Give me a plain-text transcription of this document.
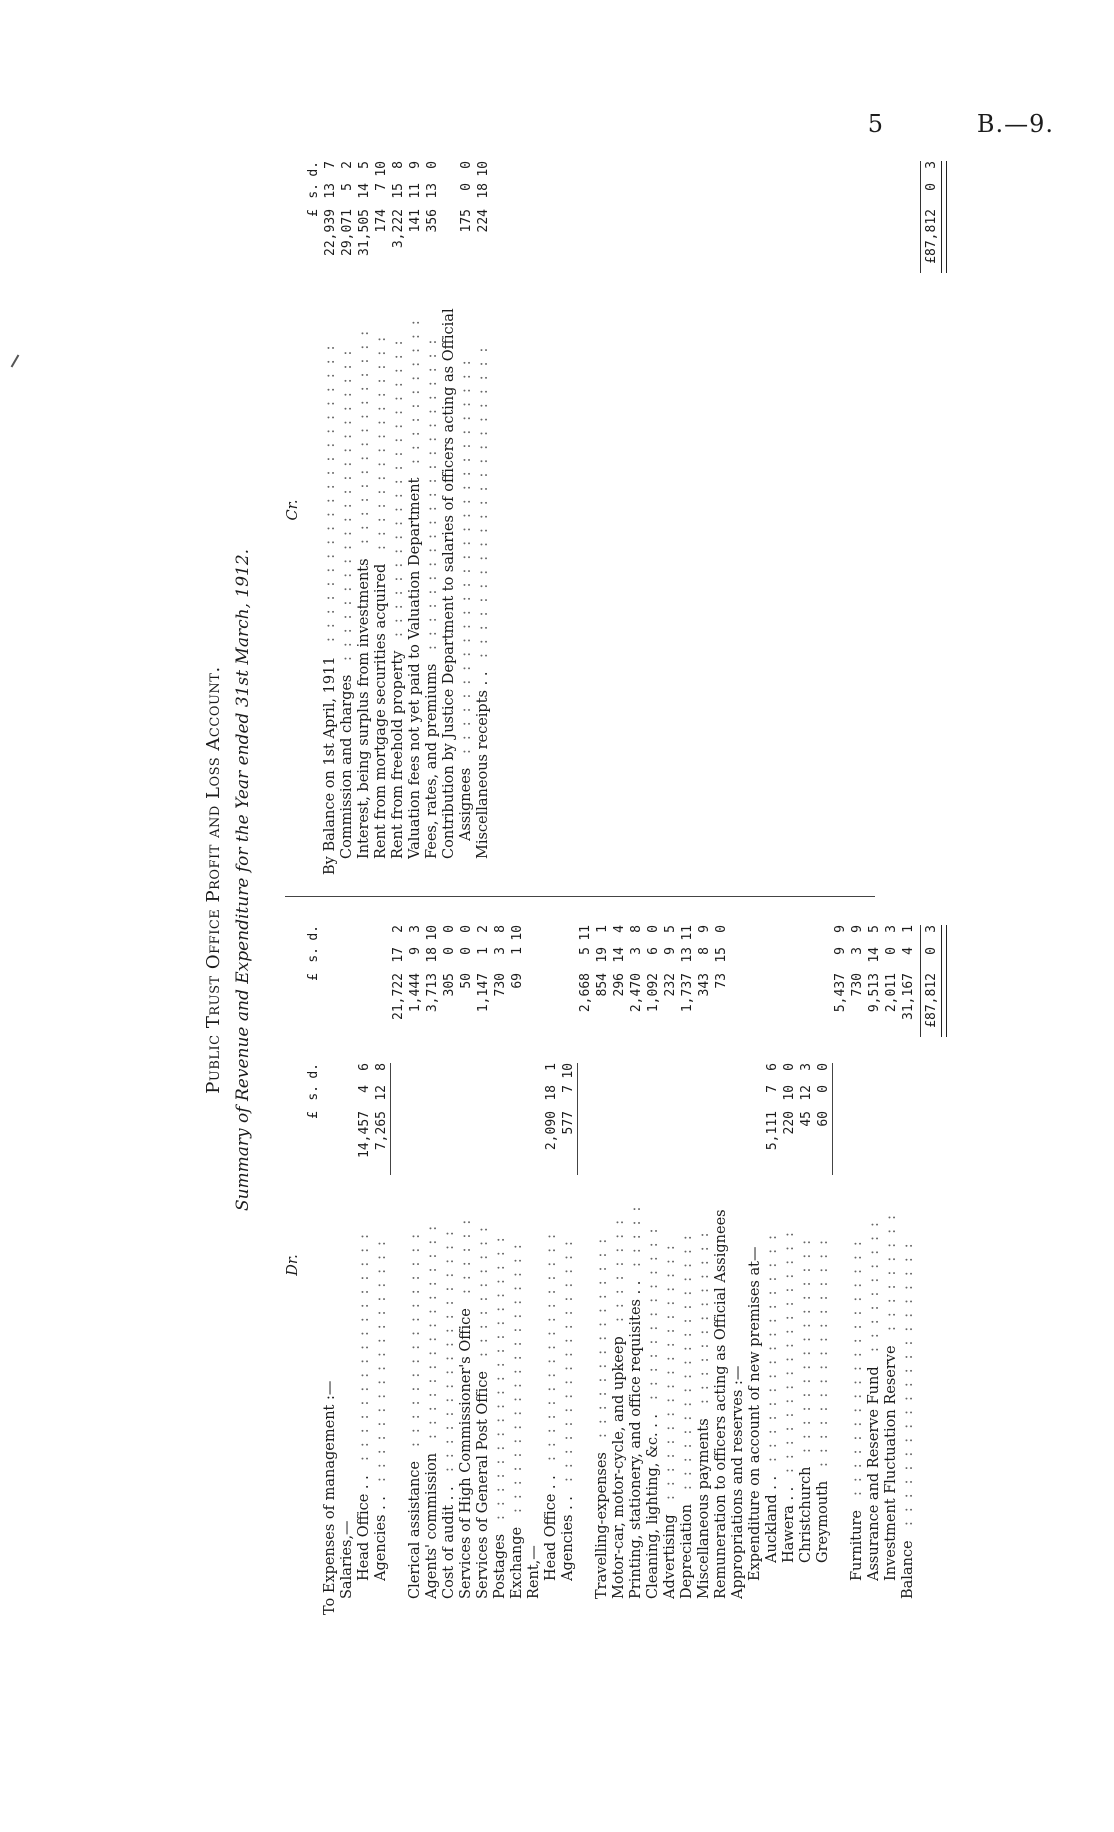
5	B.—9.
Public Trust Office Profit and Loss Account. Summary of Revenue and Expenditure for the Year ended 31st March, 1912.
Dr.
£
s.
d.
£
s.
d.
To Expenses of management :— Salaries,— Head Office . .
14,457
4
6
:::::::::::::::::
Agencies . .
7,265
12
8
::::::::::::::::::
21,722
17
2
Clerical assistance
1,444
9
3
::::::::::::::::
Agents' commission
3,713
18
10
::::::::::::::::
Cost of audit . .
305
0
0
:::::::::::::::::: Services of High Commissioner's Office
50
0
0
::::::
Services of General Post Office
1,147
1
2
::::::::::
Postages
730
3
8
:::::::::::::::::::::
Exchange
69
1
10
::::::::::::::::::::
Rent,— Head Office . .
2,090
18
1
:::::::::::::::::
Agencies . .
577
7
10
::::::::::::::::::
2,668
5
11
Travelling-expenses
854
19
1
:::::::::::::::
Motor-car, motor-cycle, and upkeep
296
14
4
::::::::
Printing, stationery, and office requisites . .
2,470
3
8
:::::
Cleaning, lighting, &c. . .
1,092
6
0
:::::::::::::
Advertising
232
9
5
:::::::::::::::::::
Depreciation
1,737
13
11
:::::::::::::::::::
Miscellaneous payments
343
8
9
::::::::::::: Remuneration to officers acting as Official Assignees
73
15
0
Appropriations and reserves :— Expenditure on account of new premises at— Auckland . .
5,111
7
6
:::::::::::::::::
Hawera . .
220
10
0
::::::::::::::::::
Christchurch
45
12
3
::::::::::::::::
Greymouth
60
0
0
:::::::::::::::::
5,437
9
9
Furniture
730
3
9
::::::::::::::::::: Assurance and Reserve Fund
9,513
14
5
::::::::::
Investment Fluctuation Reserve
2,011
0
3
:::::::::
Balance
31,167
4
1
:::::::::::::::::::::
£87,812
0
3
Cr.
£
s.
d.
By Balance on 1st April, 1911
22,939
13
7
::::::::::::::::::::::
Commission and charges
29,071
5
2
:::::::::::::::::::::::
Interest, being surplus from investments
31,505
14
5
::::::::::::::::
Rent from mortgage securities acquired
174
7
10
::::::::::::::::
Rent from freehold property
3,222
15
8
:::::::::::::::::::::: Valuation fees not yet paid to Valuation Department
141
11
9
:::::::::::
Fees, rates, and premiums
356
13
0
::::::::::::::::::::::: Contribution by Justice Department to salaries of officers acting as Official Assignees
175
0
0
:::::::::::::::::::::::::::::
Miscellaneous receipts . .
224
18
10
:::::::::::::::::::::::
£87,812
0
3
